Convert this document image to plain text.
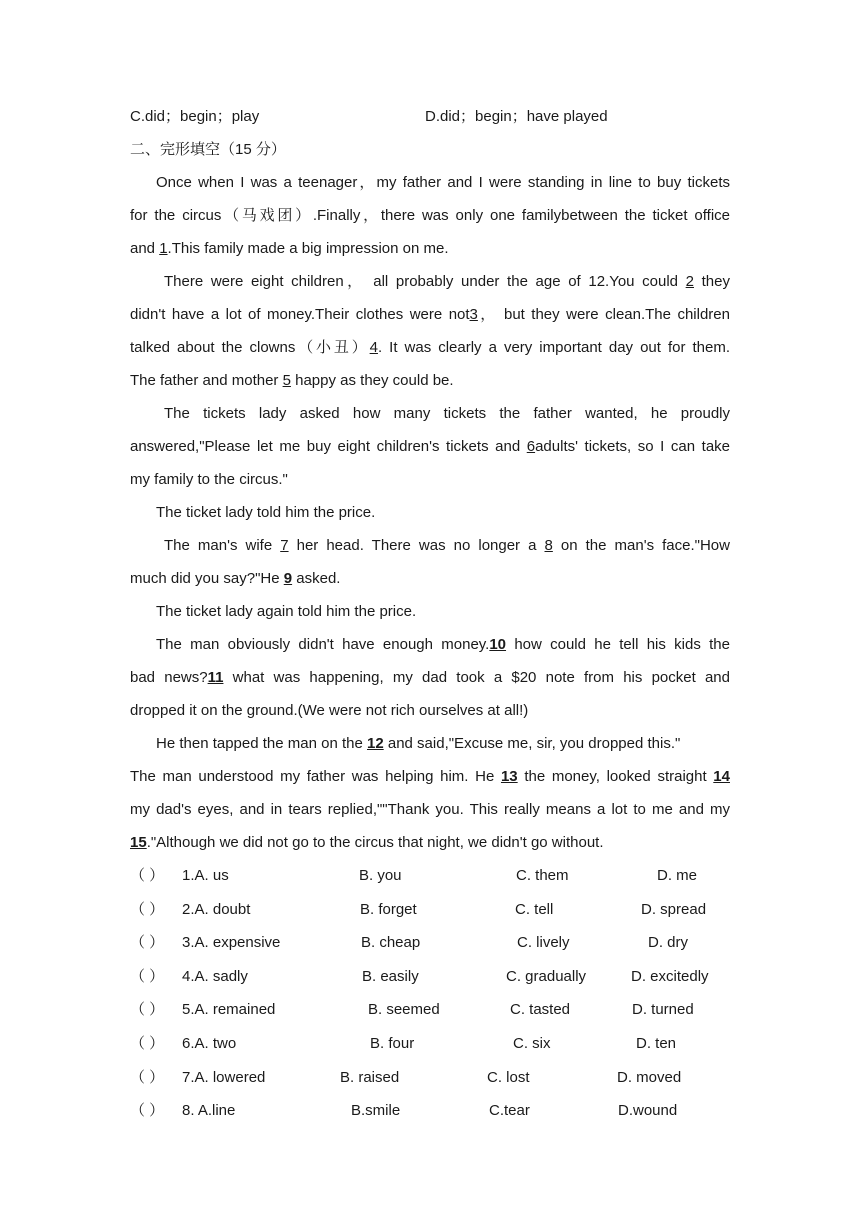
C.did；begin；play	D.did；begin；have played
二、完形填空（15 分）
Once when I was a teenager，my father and I were standing in line to buy tickets
for the circus（马戏团）.Finally，there was only one familybetween the ticket office
and 1.This family made a big impression on me.
There were eight children， all probably under the age of 12.You could 2 they
didn't have a lot of money.Their clothes were not3， but they were clean.The children
talked about the clowns（小丑）4. It was clearly a very important day out for them.
The father and mother 5 happy as they could be.
The tickets lady asked how many tickets the father wanted, he proudly
answered,"Please let me buy eight children's tickets and 6adults' tickets, so I can take
my family to the circus."
The ticket lady told him the price.
The man's wife 7 her head. There was no longer a 8 on the man's face."How
much did you say?"He 9 asked.
The ticket lady again told him the price.
The man obviously didn't have enough money.10 how could he tell his kids the
bad news?11 what was happening, my dad took a $20 note from his pocket and
dropped it on the ground.(We were not rich ourselves at all!)
He then tapped the man on the 12 and said,"Excuse me, sir, you dropped this."
The man understood my father was helping him. He 13 the money, looked straight 14
my dad's eyes, and in tears replied,""Thank you. This really means a lot to me and my
15."Although we did not go to the circus that night, we didn't go without.
（ ） 1.A. us	B. you	C. them	D. me
（ ） 2.A. doubt	B. forget	C. tell	D. spread
（ ） 3.A. expensive	B. cheap	C. lively	D. dry
（ ） 4.A. sadly	B. easily	C. gradually	D. excitedly
（ ） 5.A. remained	B. seemed	C. tasted	D. turned
（ ） 6.A. two	B. four	C. six	D. ten
（ ） 7.A. lowered	B. raised	C. lost	D. moved
（ ） 8. A.line	B.smile	C.tear	D.wound
